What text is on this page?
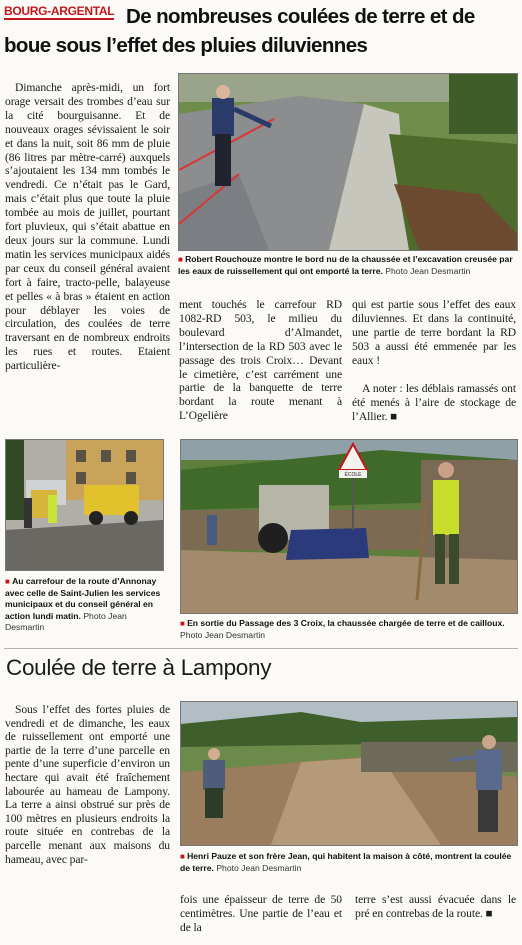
De nombreuses coulées de terre et de boue sous l’effet des pluies diluviennes
BOURG-ARGENTAL
Dimanche après-midi, un fort orage versait des trombes d’eau sur la cité bourguisanne. Et de nouveaux orages sévissaient le soir et dans la nuit, soit 86 mm de pluie (86 litres par mètre-carré) auxquels s’ajoutaient les 134 mm tombés le vendredi. Ce n’était pas le Gard, mais c’était plus que toute la pluie tombée au mois de juillet, pourtant fort pluvieux, qui s’était abattue en deux jours sur la commune. Lundi matin les services municipaux aidés par ceux du conseil général avaient fort à faire, tracto-pelle, balayeuse et pelles « à bras » étaient en action pour déblayer les voies de circulation, des coulées de terre traversant en de nombreux endroits les rues et routes. Etaient particulière-
■ Robert Rouchouze montre le bord nu de la chaussée et l’excavation creusée par les eaux de ruissellement qui ont emporté la terre. Photo Jean Desmartin
ment touchés le carrefour RD 1082-RD 503, le milieu du boulevard d’Almandet, l’intersection de la RD 503 avec le passage des trois Croix… Devant le cimetière, c’est carrément une partie de la banquette de terre bordant la route menant à L’Ogelière
qui est partie sous l’effet des eaux diluviennes. Et dans la continuité, une partie de terre bordant la RD 503 a aussi été emmenée par les eaux !
A noter : les déblais ramassés ont été menés à l’aire de stockage de l’Allier. ■
■ Au carrefour de la route d’Annonay avec celle de Saint-Julien les services municipaux et du conseil général en action lundi matin. Photo Jean Desmartin
ÉCOLE
■ En sortie du Passage des 3 Croix, la chaussée chargée de terre et de cailloux. Photo Jean Desmartin
Coulée de terre à Lampony
Sous l’effet des fortes pluies de vendredi et de dimanche, les eaux de ruissellement ont emporté une partie de la terre d’une parcelle en pente d’une superficie d’environ un hectare qui avait été fraîchement labourée au hameau de Lampony. La terre a ainsi obstrué sur près de 100 mètres en plusieurs endroits la route située en contrebas de la parcelle menant aux maisons du hameau, avec par-	■ Henri Pauze et son frère Jean, qui habitent la maison à côté, montrent la coulée de terre. Photo Jean Desmartin
fois une épaisseur de terre de 50 centimètres. Une partie de l’eau et de la
terre s’est aussi évacuée dans le pré en contrebas de la route. ■
